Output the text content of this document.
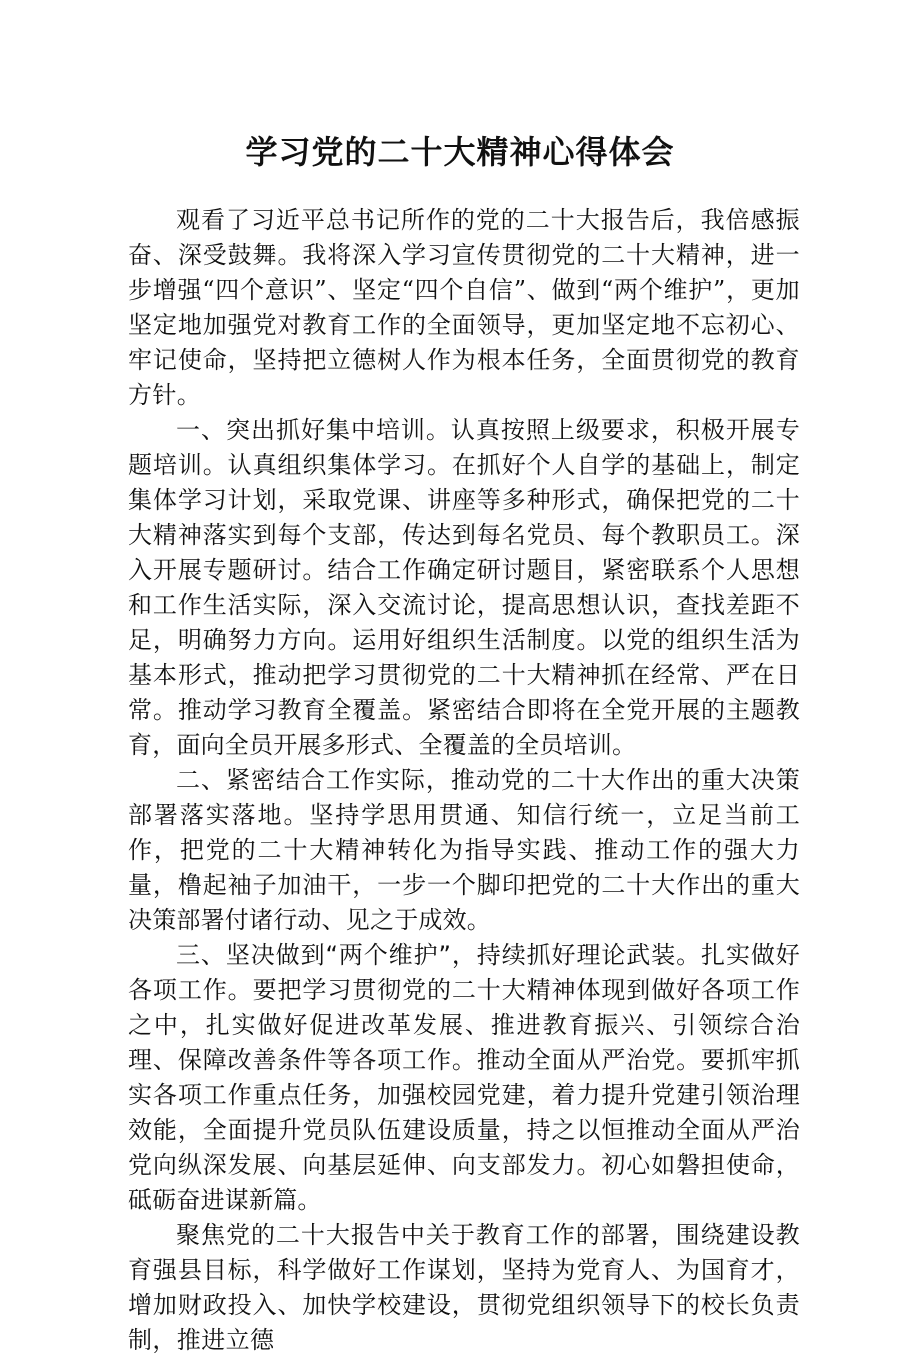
学习党的二十大精神心得体会

观看了习近平总书记所作的党的二十大报告后，我倍感振奋、深受鼓舞。我将深入学习宣传贯彻党的二十大精神，进一步增强“四个意识”、坚定“四个自信”、做到“两个维护”，更加坚定地加强党对教育工作的全面领导，更加坚定地不忘初心、牢记使命，坚持把立德树人作为根本任务，全面贯彻党的教育方针。

一、突出抓好集中培训。认真按照上级要求，积极开展专题培训。认真组织集体学习。在抓好个人自学的基础上，制定集体学习计划，采取党课、讲座等多种形式，确保把党的二十大精神落实到每个支部，传达到每名党员、每个教职员工。深入开展专题研讨。结合工作确定研讨题目，紧密联系个人思想和工作生活实际，深入交流讨论，提高思想认识，查找差距不足，明确努力方向。运用好组织生活制度。以党的组织生活为基本形式，推动把学习贯彻党的二十大精神抓在经常、严在日常。推动学习教育全覆盖。紧密结合即将在全党开展的主题教育，面向全员开展多形式、全覆盖的全员培训。

二、紧密结合工作实际，推动党的二十大作出的重大决策部署落实落地。坚持学思用贯通、知信行统一，立足当前工作，把党的二十大精神转化为指导实践、推动工作的强大力量，橹起袖子加油干，一步一个脚印把党的二十大作出的重大决策部署付诸行动、见之于成效。

三、坚决做到“两个维护”，持续抓好理论武装。扎实做好各项工作。要把学习贯彻党的二十大精神体现到做好各项工作之中，扎实做好促进改革发展、推进教育振兴、引领综合治理、保障改善条件等各项工作。推动全面从严治党。要抓牢抓实各项工作重点任务，加强校园党建，着力提升党建引领治理效能，全面提升党员队伍建设质量，持之以恒推动全面从严治党向纵深发展、向基层延伸、向支部发力。初心如磐担使命，砥砺奋进谋新篇。

聚焦党的二十大报告中关于教育工作的部署，围绕建设教育强县目标，科学做好工作谋划，坚持为党育人、为国育才，增加财政投入、加快学校建设，贯彻党组织领导下的校长负责制，推进立德
